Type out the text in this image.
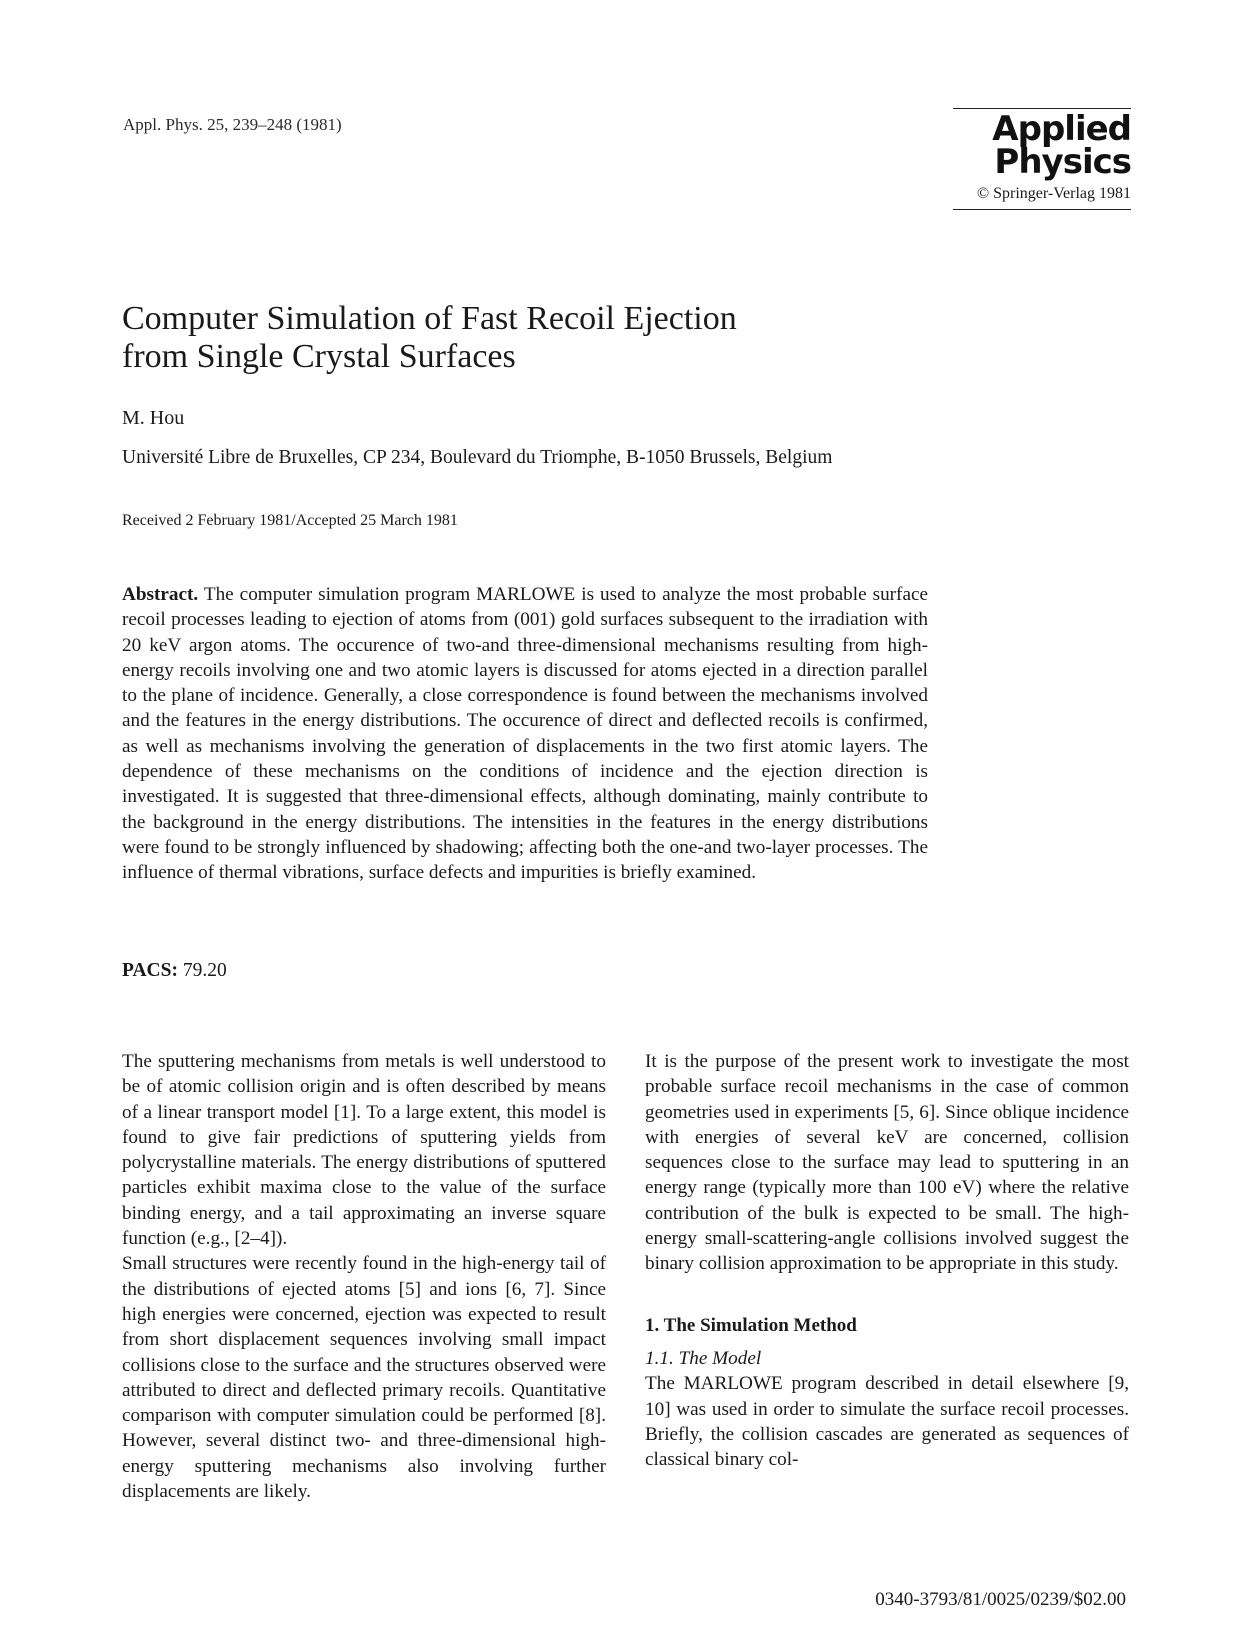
Appl. Phys. 25, 239–248 (1981)	Applied
Physics
© Springer-Verlag 1981
Computer Simulation of Fast Recoil Ejection
from Single Crystal Surfaces
M. Hou
Université Libre de Bruxelles, CP 234, Boulevard du Triomphe, B-1050 Brussels, Belgium
Received 2 February 1981/Accepted 25 March 1981
Abstract. The computer simulation program MARLOWE is used to analyze the most probable surface recoil processes leading to ejection of atoms from (001) gold surfaces subsequent to the irradiation with 20 keV argon atoms. The occurence of two-and three-dimensional mechanisms resulting from high-energy recoils involving one and two atomic layers is discussed for atoms ejected in a direction parallel to the plane of incidence. Generally, a close correspondence is found between the mechanisms involved and the features in the energy distributions. The occurence of direct and deflected recoils is confirmed, as well as mechanisms involving the generation of displacements in the two first atomic layers. The dependence of these mechanisms on the conditions of incidence and the ejection direction is investigated. It is suggested that three-dimensional effects, although dominating, mainly contribute to the background in the energy distributions. The intensities in the features in the energy distributions were found to be strongly influenced by shadowing; affecting both the one-and two-layer processes. The influence of thermal vibrations, surface defects and impurities is briefly examined.
PACS: 79.20

The sputtering mechanisms from metals is well understood to be of atomic collision origin and is often described by means of a linear transport model [1]. To a large extent, this model is found to give fair predictions of sputtering yields from polycrystalline materials. The energy distributions of sputtered particles exhibit maxima close to the value of the surface binding energy, and a tail approximating an inverse square function (e.g., [2–4]).

Small structures were recently found in the high-energy tail of the distributions of ejected atoms [5] and ions [6, 7]. Since high energies were concerned, ejection was expected to result from short displacement sequences involving small impact collisions close to the surface and the structures observed were attributed to direct and deflected primary recoils. Quantitative comparison with computer simulation could be performed [8]. However, several distinct two- and three-dimensional high-energy sputtering mechanisms also involving further displacements are likely.

It is the purpose of the present work to investigate the most probable surface recoil mechanisms in the case of common geometries used in experiments [5, 6]. Since oblique incidence with energies of several keV are concerned, collision sequences close to the surface may lead to sputtering in an energy range (typically more than 100 eV) where the relative contribution of the bulk is expected to be small. The high-energy small-scattering-angle collisions involved suggest the binary collision approximation to be appropriate in this study.

1. The Simulation Method

1.1. The Model

The MARLOWE program described in detail elsewhere [9, 10] was used in order to simulate the surface recoil processes. Briefly, the collision cascades are generated as sequences of classical binary col-

0340-3793/81/0025/0239/$02.00
